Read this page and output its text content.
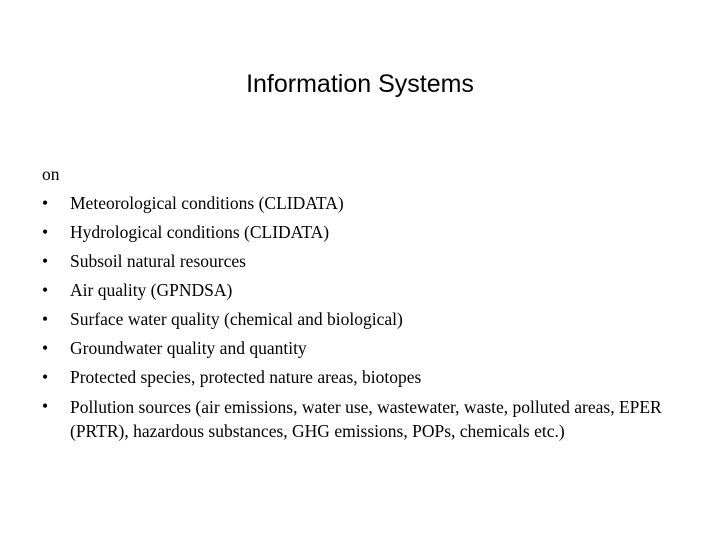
Information Systems
on
•	Meteorological conditions (CLIDATA)
•	Hydrological conditions (CLIDATA)
•	Subsoil natural resources
•	Air quality (GPNDSA)
•	Surface water quality (chemical and biological)
•	Groundwater quality and quantity
•	Protected species, protected nature areas, biotopes
•	Pollution sources (air emissions, water use, wastewater, waste, polluted areas, EPER (PRTR), hazardous substances, GHG emissions, POPs, chemicals etc.)
